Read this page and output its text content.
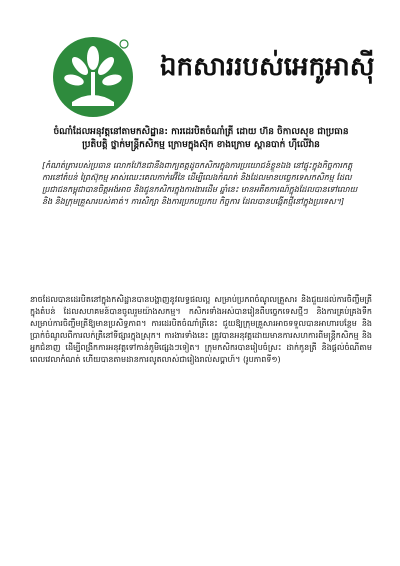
ឯកសាររបស់អេកូអាស៊ី

ចំណាំដែលអនុវត្តនៅតាមកសិដ្ឋាន: ការដេរបិតចំណាំត្រី ដោយ ហ៊ន ចិកាលសុខ ជាប្រធាន ប្រតិបត្តិ ថ្នាក់មន្ត្រីកសិកម្ម ក្រោមក្នុងស៊ុក ខាងក្រោម ស្ពានបាក់ ហ៊ីលើវ៉ាន

[កំណត់ត្រារបស់ប្រធាន លោកហ៊ែនជានឹងពាក្យតត្តដូចកសិករក្នុងការប្រយោជន៍ខ្លួនឯង នៅផ្ទុះក្នុងកិច្ចការកត្តុការនៅតំបន់ ព្រៃស៊ុកម្ម អាស់ឈេះគេលកាក់អ៊ើនៃ ដើម្បីលេងកំណត់ និងដែលមានបច្ចេកទេសកសិកម្ម ដែលប្រជាជនកម្ពុជាបានចិត្តអង់អាច និងជូនកសិករក្នុងការងារដើម ឆ្នាំនេះ មានអតីតការណ៍ក្នុងដែលបានទៅលោយនិង និងក្រុមគ្រួសារបស់គាត់។ ការសិក្សា និងការប្រកបប្រកប កិច្ចការ ដែលបានបង្កើតថ្មីនៅក្នុងប្រទេស។]

នាចដែលបានដេរបិតនៅក្នុងកសិដ្ឋានបានបង្ហាញនូវលទ្ធផលល្អ សម្រាប់ប្រភពចំណូលគ្រួសារ និងជួយដល់ការចិញ្ចឹមត្រីក្នុងតំបន់ ដែលសហគមន៍បានចូលរួមយ៉ាងសកម្ម។ កសិករទាំងអស់បានរៀនពីបច្ចេកទេសថ្មីៗ និងការគ្រប់គ្រងទឹក សម្រាប់ការចិញ្ចឹមត្រីឱ្យមានប្រសិទ្ធភាព។ ការដេរបិតចំណាំត្រីនេះ ជួយឱ្យក្រុមគ្រួសារអាចទទួលបានអាហារបន្ថែម និងប្រាក់ចំណូលពីការលក់ត្រីនៅទីផ្សារក្នុងស្រុក។ ការងារទាំងនេះ ត្រូវបានអនុវត្តដោយមានការសហការពីមន្ត្រីកសិកម្ម និងអ្នកជំនាញ ដើម្បីពង្រីកការអនុវត្តទៅកាន់ភូមិផ្សេងៗទៀត។ ក្រុមកសិករបានរៀបចំស្រះ ដាក់កូនត្រី និងផ្តល់ចំណីតាមពេលវេលាកំណត់ ហើយបានតាមដានការលូតលាស់ជារៀងរាល់សប្តាហ៍។ (រូបភាពទី១)
